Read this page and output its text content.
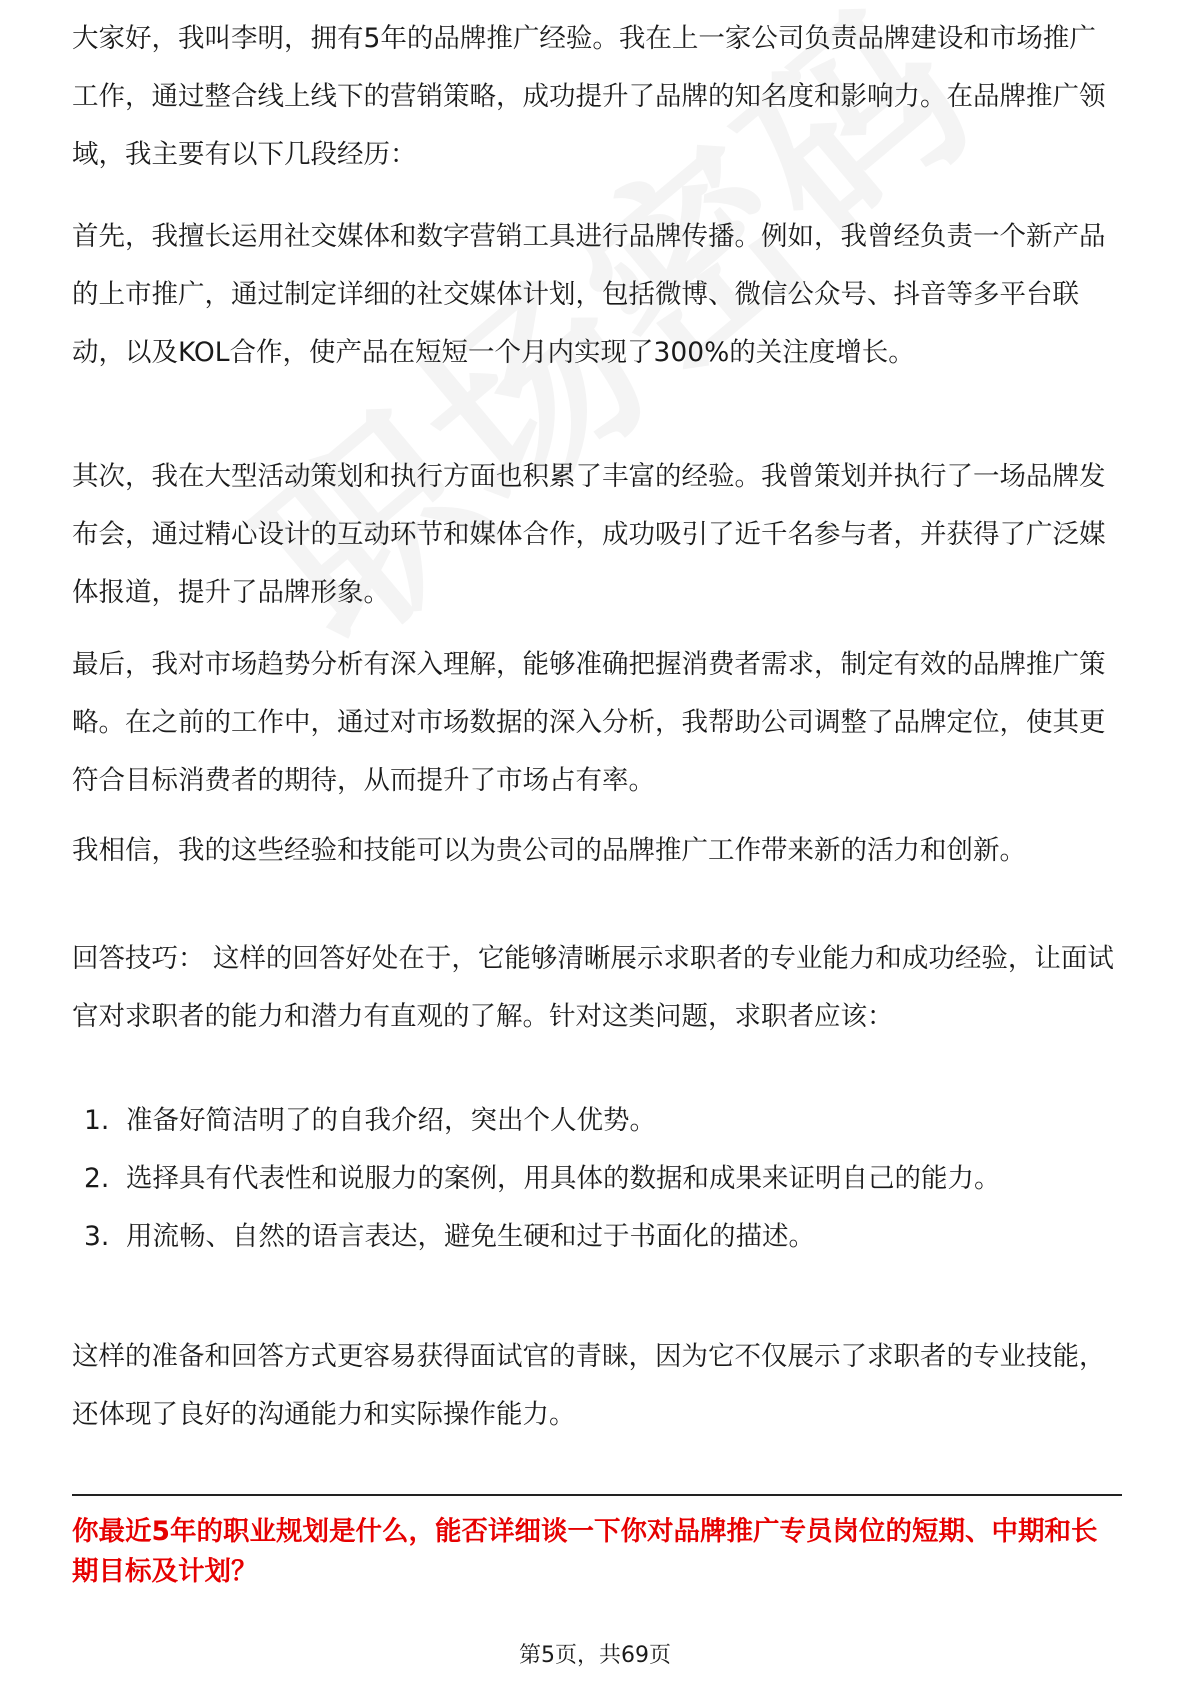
大家好，我叫李明，拥有5年的品牌推广经验。我在上一家公司负责品牌建设和市场推广工作，通过整合线上线下的营销策略，成功提升了品牌的知名度和影响力。在品牌推广领域，我主要有以下几段经历：

首先，我擅长运用社交媒体和数字营销工具进行品牌传播。例如，我曾经负责一个新产品的上市推广，通过制定详细的社交媒体计划，包括微博、微信公众号、抖音等多平台联动，以及KOL合作，使产品在短短一个月内实现了300%的关注度增长。

其次，我在大型活动策划和执行方面也积累了丰富的经验。我曾策划并执行了一场品牌发布会，通过精心设计的互动环节和媒体合作，成功吸引了近千名参与者，并获得了广泛媒体报道，提升了品牌形象。

最后，我对市场趋势分析有深入理解，能够准确把握消费者需求，制定有效的品牌推广策略。在之前的工作中，通过对市场数据的深入分析，我帮助公司调整了品牌定位，使其更符合目标消费者的期待，从而提升了市场占有率。

我相信，我的这些经验和技能可以为贵公司的品牌推广工作带来新的活力和创新。

回答技巧： 这样的回答好处在于，它能够清晰展示求职者的专业能力和成功经验，让面试官对求职者的能力和潜力有直观的了解。针对这类问题，求职者应该：

1. 准备好简洁明了的自我介绍，突出个人优势。
2. 选择具有代表性和说服力的案例，用具体的数据和成果来证明自己的能力。
3. 用流畅、自然的语言表达，避免生硬和过于书面化的描述。

这样的准备和回答方式更容易获得面试官的青睐，因为它不仅展示了求职者的专业技能，还体现了良好的沟通能力和实际操作能力。

你最近5年的职业规划是什么，能否详细谈一下你对品牌推广专员岗位的短期、中期和长期目标及计划？
第5页，共69页
